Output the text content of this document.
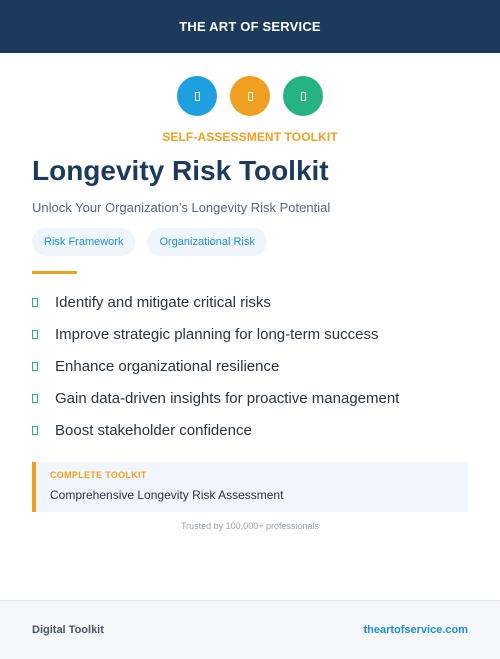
THE ART OF SERVICE
SELF-ASSESSMENT TOOLKIT
Longevity Risk Toolkit
Unlock Your Organization’s Longevity Risk Potential
Risk Framework	Organizational Risk
Identify and mitigate critical risks
Improve strategic planning for long-term success
Enhance organizational resilience
Gain data-driven insights for proactive management
Boost stakeholder confidence
COMPLETE TOOLKIT
Comprehensive Longevity Risk Assessment
Trusted by 100,000+ professionals
Digital Toolkit	theartofservice.com
